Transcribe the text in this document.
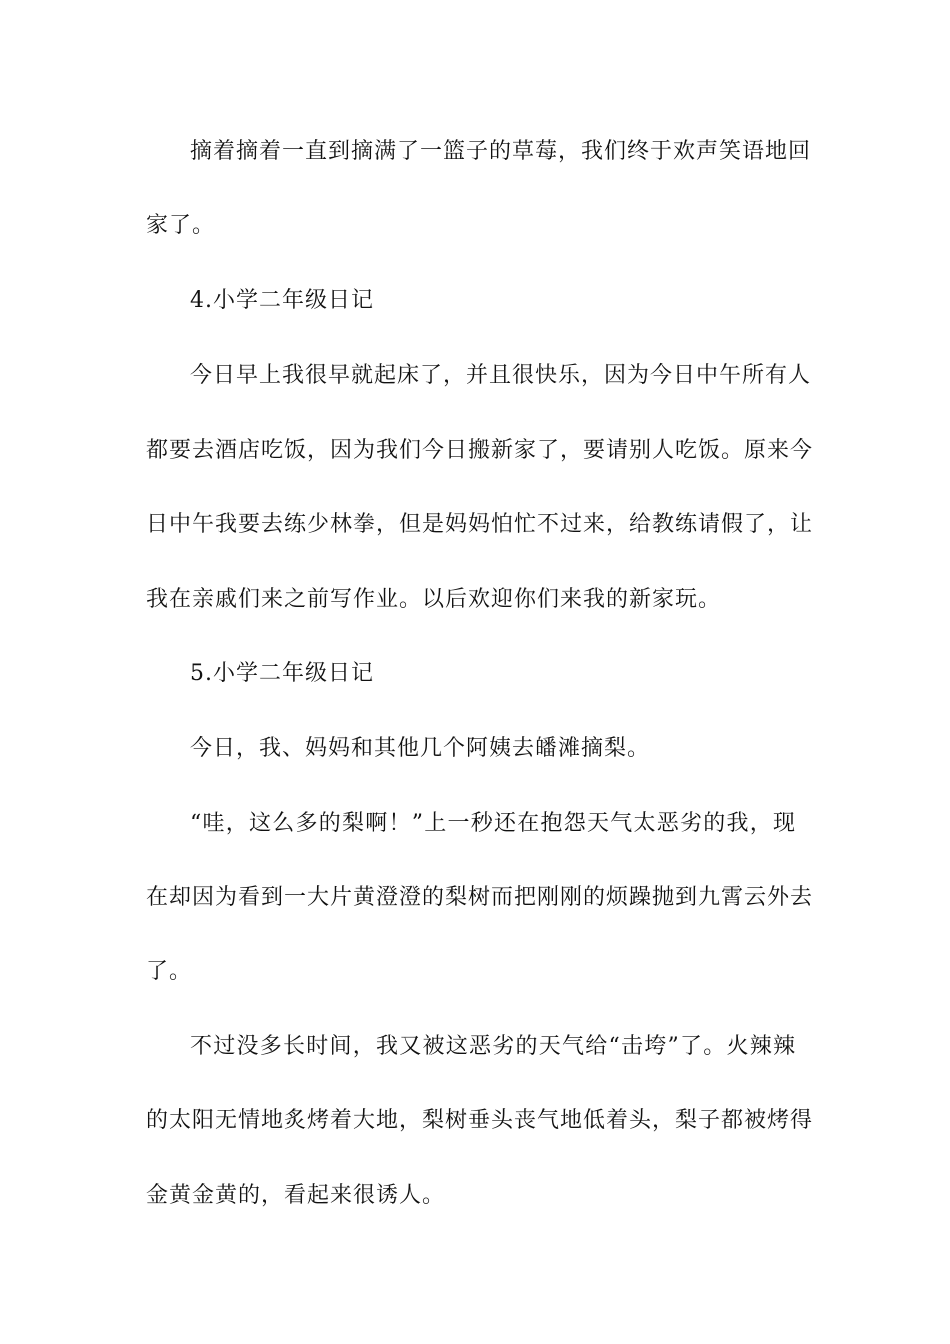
摘着摘着一直到摘满了一篮子的草莓，我们终于欢声笑语地回
家了。
4.小学二年级日记
今日早上我很早就起床了，并且很快乐，因为今日中午所有人
都要去酒店吃饭，因为我们今日搬新家了，要请别人吃饭。原来今
日中午我要去练少林拳，但是妈妈怕忙不过来，给教练请假了，让
我在亲戚们来之前写作业。以后欢迎你们来我的新家玩。
5.小学二年级日记
今日，我、妈妈和其他几个阿姨去皤滩摘梨。
“哇，这么多的梨啊！”上一秒还在抱怨天气太恶劣的我，现
在却因为看到一大片黄澄澄的梨树而把刚刚的烦躁抛到九霄云外去
了。
不过没多长时间，我又被这恶劣的天气给“击垮”了。火辣辣
的太阳无情地炙烤着大地，梨树垂头丧气地低着头，梨子都被烤得
金黄金黄的，看起来很诱人。
